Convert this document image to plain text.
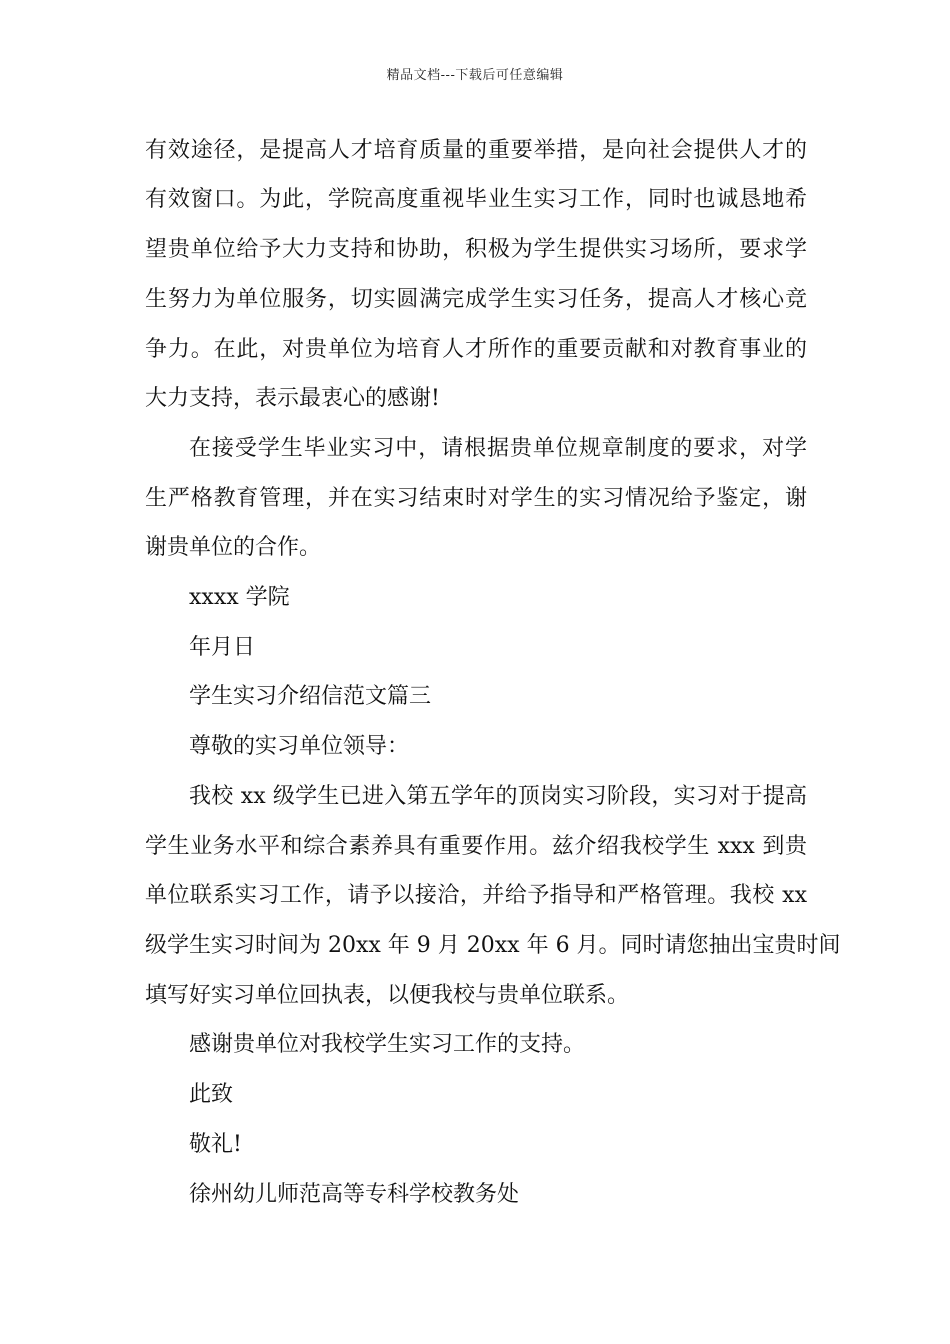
精品文档---下载后可任意编辑
有效途径，是提高人才培育质量的重要举措，是向社会提供人才的
有效窗口。为此，学院高度重视毕业生实习工作，同时也诚恳地希
望贵单位给予大力支持和协助，积极为学生提供实习场所，要求学
生努力为单位服务，切实圆满完成学生实习任务，提高人才核心竞
争力。在此，对贵单位为培育人才所作的重要贡献和对教育事业的
大力支持，表示最衷心的感谢!
在接受学生毕业实习中，请根据贵单位规章制度的要求，对学
生严格教育管理，并在实习结束时对学生的实习情况给予鉴定，谢
谢贵单位的合作。
xxxx 学院
年月日
学生实习介绍信范文篇三
尊敬的实习单位领导：
我校 xx 级学生已进入第五学年的顶岗实习阶段，实习对于提高
学生业务水平和综合素养具有重要作用。兹介绍我校学生 xxx 到贵
单位联系实习工作，请予以接洽，并给予指导和严格管理。我校 xx
级学生实习时间为 20xx 年 9 月 20xx 年 6 月。同时请您抽出宝贵时间
填写好实习单位回执表，以便我校与贵单位联系。
感谢贵单位对我校学生实习工作的支持。
此致
敬礼!
徐州幼儿师范高等专科学校教务处
